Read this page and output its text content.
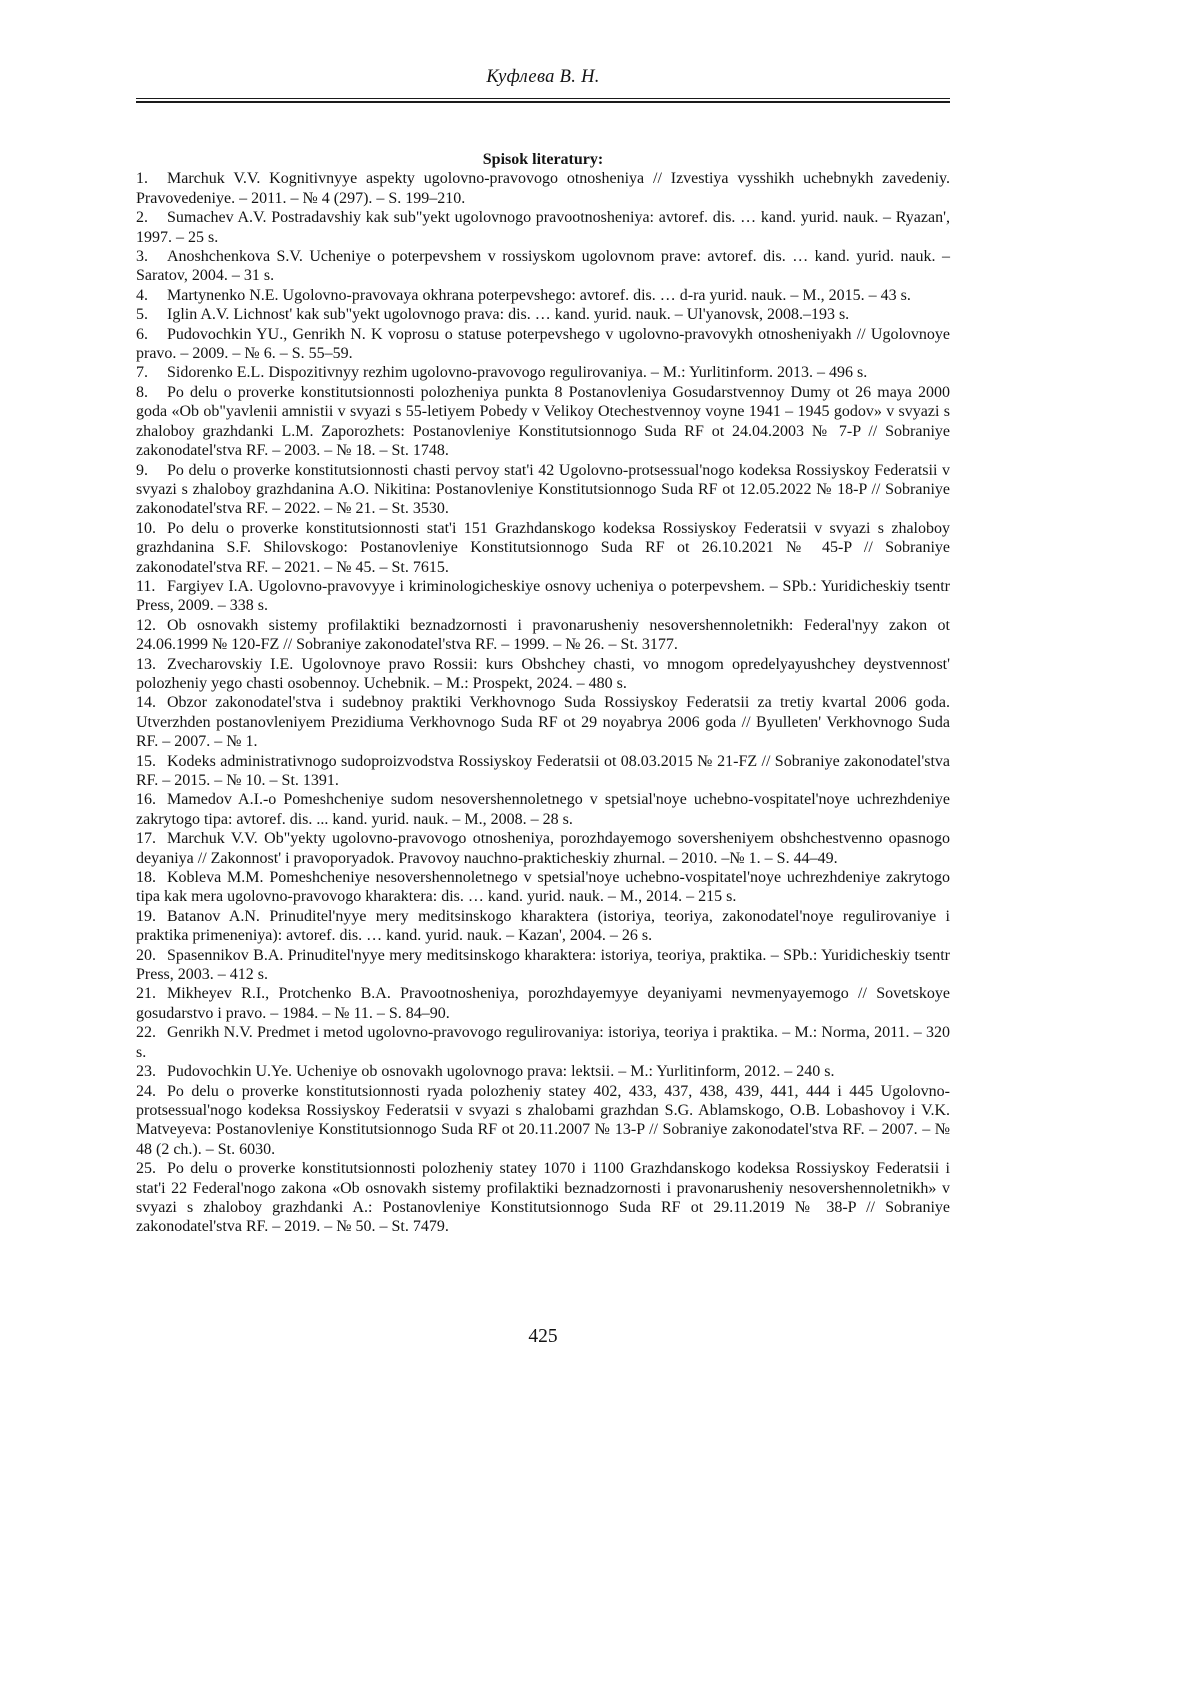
Куфлева В. Н.

Spisok literatury:

1. Marchuk V.V. Kognitivnyye aspekty ugolovno-pravovogo otnosheniya // Izvestiya vysshikh uchebnykh zavedeniy. Pravovedeniye. – 2011. – № 4 (297). – S. 199–210.

2. Sumachev A.V. Postradavshiy kak sub"yekt ugolovnogo pravootnosheniya: avtoref. dis. … kand. yurid. nauk. – Ryazan', 1997. – 25 s.

3. Anoshchenkova S.V. Ucheniye o poterpevshem v rossiyskom ugolovnom prave: avtoref. dis. … kand. yurid. nauk. – Saratov, 2004. – 31 s.

4. Martynenko N.E. Ugolovno-pravovaya okhrana poterpevshego: avtoref. dis. … d-ra yurid. nauk. – M., 2015. – 43 s.

5. Iglin A.V. Lichnost' kak sub"yekt ugolovnogo prava: dis. … kand. yurid. nauk. – Ul'yanovsk, 2008.–193 s.

6. Pudovochkin YU., Genrikh N. K voprosu o statuse poterpevshego v ugolovno-pravovykh otnosheniyakh // Ugolovnoye pravo. – 2009. – № 6. – S. 55–59.

7. Sidorenko E.L. Dispozitivnyy rezhim ugolovno-pravovogo regulirovaniya. – M.: Yurlitinform. 2013. – 496 s.

8. Po delu o proverke konstitutsionnosti polozheniya punkta 8 Postanovleniya Gosudarstvennoy Dumy ot 26 maya 2000 goda «Ob ob"yavlenii amnistii v svyazi s 55-letiyem Pobedy v Velikoy Otechestvennoy voyne 1941 – 1945 godov» v svyazi s zhaloboy grazhdanki L.M. Zaporozhets: Postanovleniye Konstitutsionnogo Suda RF ot 24.04.2003 № 7-P // Sobraniye zakonodatel'stva RF. – 2003. – № 18. – St. 1748.

9. Po delu o proverke konstitutsionnosti chasti pervoy stat'i 42 Ugolovno-protsessual'nogo kodeksa Rossiyskoy Federatsii v svyazi s zhaloboy grazhdanina A.O. Nikitina: Postanovleniye Konstitutsionnogo Suda RF ot 12.05.2022 № 18-P // Sobraniye zakonodatel'stva RF. – 2022. – № 21. – St. 3530.

10. Po delu o proverke konstitutsionnosti stat'i 151 Grazhdanskogo kodeksa Rossiyskoy Federatsii v svyazi s zhaloboy grazhdanina S.F. Shilovskogo: Postanovleniye Konstitutsionnogo Suda RF ot 26.10.2021 № 45-P // Sobraniye zakonodatel'stva RF. – 2021. – № 45. – St. 7615.

11. Fargiyev I.A. Ugolovno-pravovyye i kriminologicheskiye osnovy ucheniya o poterpevshem. – SPb.: Yuridicheskiy tsentr Press, 2009. – 338 s.

12. Ob osnovakh sistemy profilaktiki beznadzornosti i pravonarusheniy nesovershennoletnikh: Federal'nyy zakon ot 24.06.1999 № 120-FZ // Sobraniye zakonodatel'stva RF. – 1999. – № 26. – St. 3177.

13. Zvecharovskiy I.E. Ugolovnoye pravo Rossii: kurs Obshchey chasti, vo mnogom opredelyayushchey deystvennost' polozheniy yego chasti osobennoy. Uchebnik. – M.: Prospekt, 2024. – 480 s.

14. Obzor zakonodatel'stva i sudebnoy praktiki Verkhovnogo Suda Rossiyskoy Federatsii za tretiy kvartal 2006 goda. Utverzhden postanovleniyem Prezidiuma Verkhovnogo Suda RF ot 29 noyabrya 2006 goda // Byulleten' Verkhovnogo Suda RF. – 2007. – № 1.

15. Kodeks administrativnogo sudoproizvodstva Rossiyskoy Federatsii ot 08.03.2015 № 21-FZ // Sobraniye zakonodatel'stva RF. – 2015. – № 10. – St. 1391.

16. Mamedov A.I.-o Pomeshcheniye sudom nesovershennoletnego v spetsial'noye uchebno-vospitatel'noye uchrezhdeniye zakrytogo tipa: avtoref. dis. ... kand. yurid. nauk. – M., 2008. – 28 s.

17. Marchuk V.V. Ob"yekty ugolovno-pravovogo otnosheniya, porozhdayemogo soversheniyem obshchestvenno opasnogo deyaniya // Zakonnost' i pravoporyadok. Pravovoy nauchno-prakticheskiy zhurnal. – 2010. –№ 1. – S. 44–49.

18. Kobleva M.M. Pomeshcheniye nesovershennoletnego v spetsial'noye uchebno-vospitatel'noye uchrezhdeniye zakrytogo tipa kak mera ugolovno-pravovogo kharaktera: dis. … kand. yurid. nauk. – M., 2014. – 215 s.

19. Batanov A.N. Prinuditel'nyye mery meditsinskogo kharaktera (istoriya, teoriya, zakonodatel'noye regulirovaniye i praktika primeneniya): avtoref. dis. … kand. yurid. nauk. – Kazan', 2004. – 26 s.

20. Spasennikov B.A. Prinuditel'nyye mery meditsinskogo kharaktera: istoriya, teoriya, praktika. – SPb.: Yuridicheskiy tsentr Press, 2003. – 412 s.

21. Mikheyev R.I., Protchenko B.A. Pravootnosheniya, porozhdayemyye deyaniyami nevmenyayemogo // Sovetskoye gosudarstvo i pravo. – 1984. – № 11. – S. 84–90.

22. Genrikh N.V. Predmet i metod ugolovno-pravovogo regulirovaniya: istoriya, teoriya i praktika. – M.: Norma, 2011. – 320 s.

23. Pudovochkin U.Ye. Ucheniye ob osnovakh ugolovnogo prava: lektsii. – M.: Yurlitinform, 2012. – 240 s.

24. Po delu o proverke konstitutsionnosti ryada polozheniy statey 402, 433, 437, 438, 439, 441, 444 i 445 Ugolovno-protsessual'nogo kodeksa Rossiyskoy Federatsii v svyazi s zhalobami grazhdan S.G. Ablamskogo, O.B. Lobashovoy i V.K. Matveyeva: Postanovleniye Konstitutsionnogo Suda RF ot 20.11.2007 № 13-P // Sobraniye zakonodatel'stva RF. – 2007. – № 48 (2 ch.). – St. 6030.

25. Po delu o proverke konstitutsionnosti polozheniy statey 1070 i 1100 Grazhdanskogo kodeksa Rossiyskoy Federatsii i stat'i 22 Federal'nogo zakona «Ob osnovakh sistemy profilaktiki beznadzornosti i pravonarusheniy nesovershennoletnikh» v svyazi s zhaloboy grazhdanki A.: Postanovleniye Konstitutsionnogo Suda RF ot 29.11.2019 № 38-P // Sobraniye zakonodatel'stva RF. – 2019. – № 50. – St. 7479.

425
